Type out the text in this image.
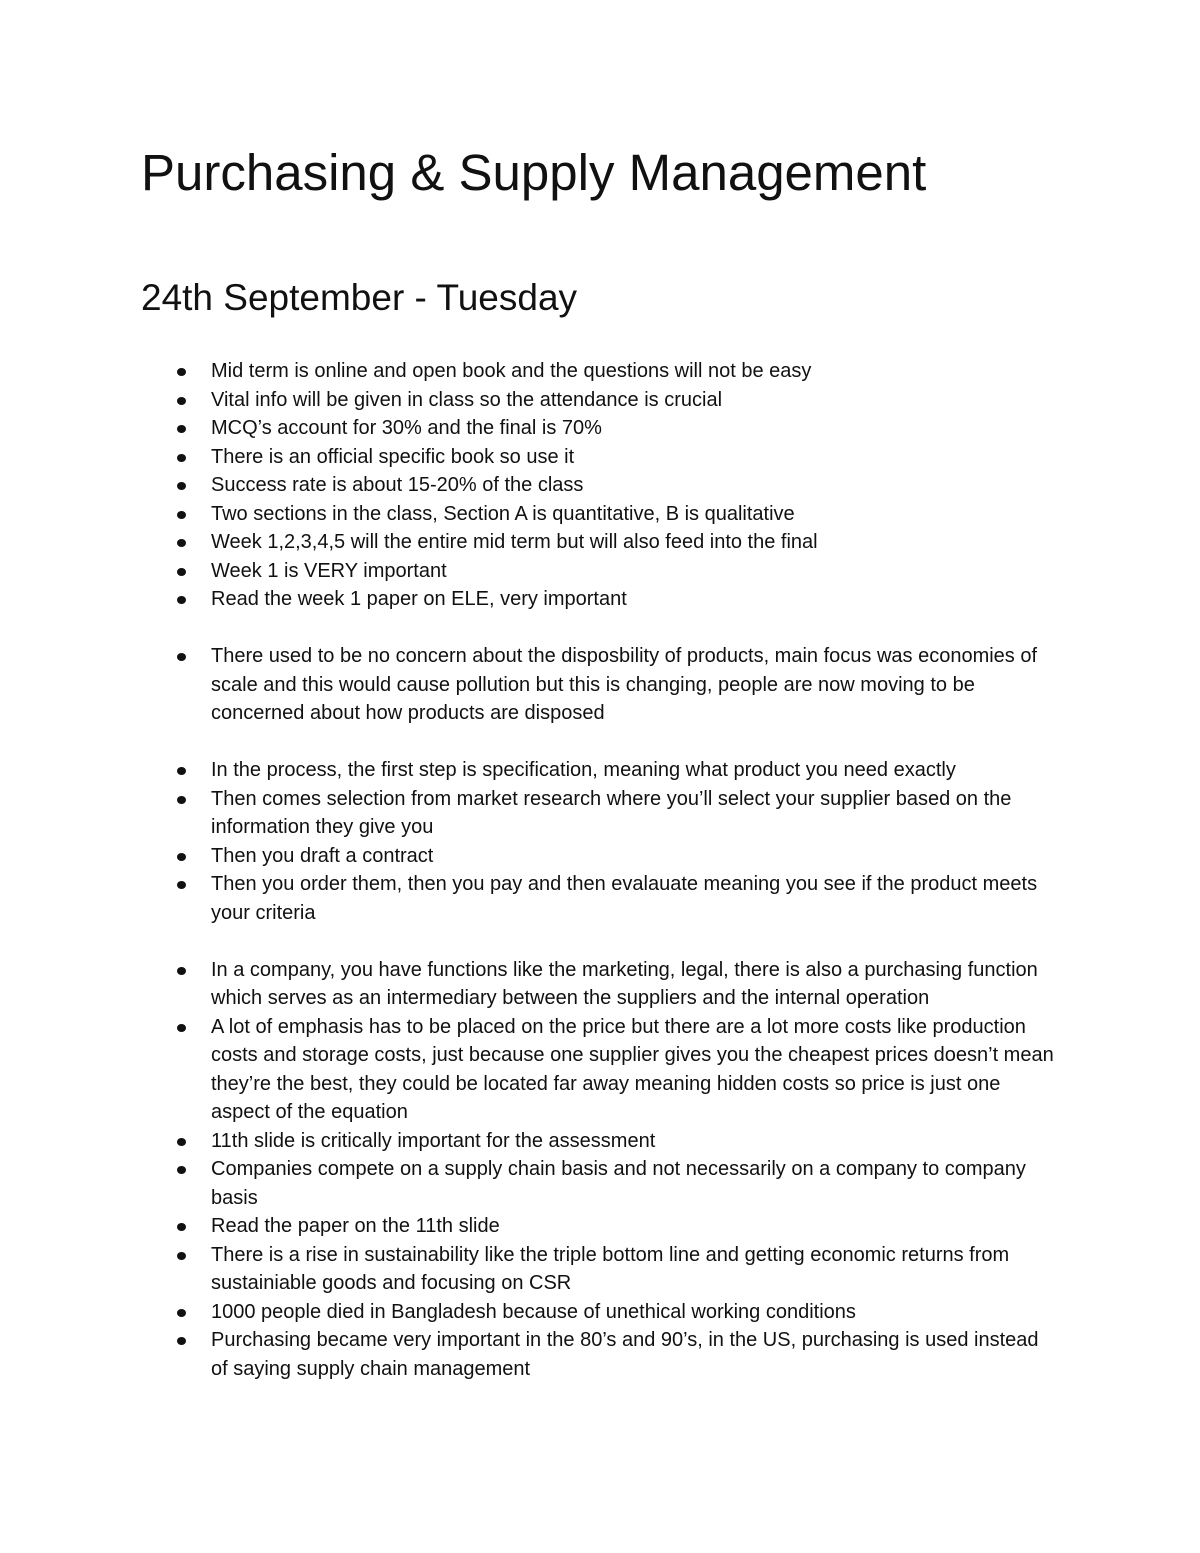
Purchasing & Supply Management
24th September - Tuesday
Mid term is online and open book and the questions will not be easy
Vital info will be given in class so the attendance is crucial
MCQ’s account for 30% and the final is 70%
There is an official specific book so use it
Success rate is about 15-20% of the class
Two sections in the class, Section A is quantitative, B is qualitative
Week 1,2,3,4,5 will the entire mid term but will also feed into the final
Week 1 is VERY important
Read the week 1 paper on ELE, very important
There used to be no concern about the disposbility of products, main focus was economies of scale and this would cause pollution but this is changing, people are now moving to be concerned about how products are disposed
In the process, the first step is specification, meaning what product you need exactly
Then comes selection from market research where you’ll select your supplier based on the information they give you
Then you draft a contract
Then you order them, then you pay and then evalauate meaning you see if the product meets your criteria
In a company, you have functions like the marketing, legal, there is also a purchasing function which serves as an intermediary between the suppliers and the internal operation
A lot of emphasis has to be placed on the price but there are a lot more costs like production costs and storage costs, just because one supplier gives you the cheapest prices doesn’t mean they’re the best, they could be located far away meaning hidden costs so price is just one aspect of the equation
11th slide is critically important for the assessment
Companies compete on a supply chain basis and not necessarily on a company to company basis
Read the paper on the 11th slide
There is a rise in sustainability like the triple bottom line and getting economic returns from sustainiable goods and focusing on CSR
1000 people died in Bangladesh because of unethical working conditions
Purchasing became very important in the 80’s and 90’s, in the US, purchasing is used instead of saying supply chain management
